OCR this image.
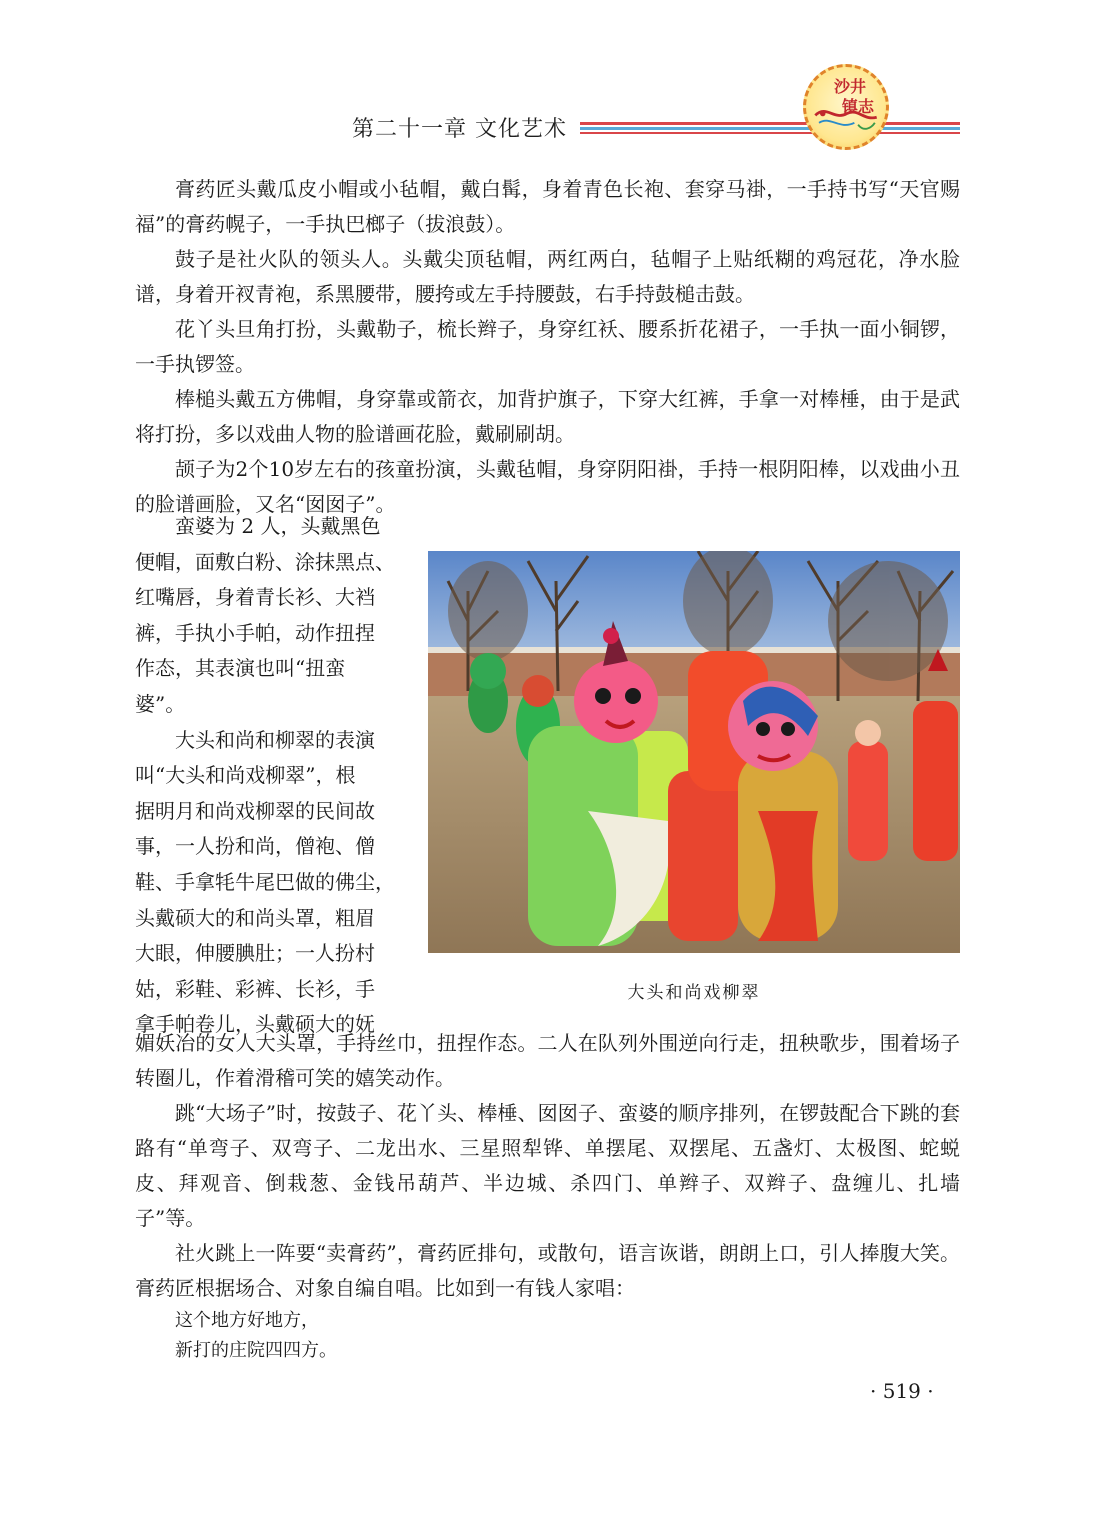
第二十一章 文化艺术
沙井
镇志

膏药匠头戴瓜皮小帽或小毡帽，戴白髯，身着青色长袍、套穿马褂，一手持书写“天官赐福”的膏药幌子，一手执巴榔子（拔浪鼓）。

鼓子是社火队的领头人。头戴尖顶毡帽，两红两白，毡帽子上贴纸糊的鸡冠花，净水脸谱，身着开衩青袍，系黑腰带，腰挎或左手持腰鼓，右手持鼓槌击鼓。

花丫头旦角打扮，头戴勒子，梳长辫子，身穿红袄、腰系折花裙子，一手执一面小铜锣，一手执锣签。

棒槌头戴五方佛帽，身穿靠或箭衣，加背护旗子，下穿大红裤，手拿一对棒棰，由于是武将打扮，多以戏曲人物的脸谱画花脸，戴刷刷胡。

颉子为2个10岁左右的孩童扮演，头戴毡帽，身穿阴阳褂，手持一根阴阳棒，以戏曲小丑的脸谱画脸，又名“囡囡子”。

　　蛮婆为 2 人，头戴黑色
便帽，面敷白粉、涂抹黑点、
红嘴唇，身着青长衫、大裆
裤，手执小手帕，动作扭捏
作态，其表演也叫“扭蛮
婆”。
　　大头和尚和柳翠的表演
叫“大头和尚戏柳翠”，根
据明月和尚戏柳翠的民间故
事，一人扮和尚，僧袍、僧
鞋、手拿牦牛尾巴做的佛尘，
头戴硕大的和尚头罩，粗眉
大眼，伸腰腆肚；一人扮村
姑，彩鞋、彩裤、长衫，手
拿手帕卷儿，头戴硕大的妩
大头和尚戏柳翠

媚妖冶的女人大头罩，手持丝巾，扭捏作态。二人在队列外围逆向行走，扭秧歌步，围着场子转圈儿，作着滑稽可笑的嬉笑动作。

跳“大场子”时，按鼓子、花丫头、棒棰、囡囡子、蛮婆的顺序排列，在锣鼓配合下跳的套路有“单弯子、双弯子、二龙出水、三星照犁铧、单摆尾、双摆尾、五盏灯、太极图、蛇蜕皮、拜观音、倒栽葱、金钱吊葫芦、半边城、杀四门、单辫子、双辫子、盘缠儿、扎墙子”等。

社火跳上一阵要“卖膏药”，膏药匠排句，或散句，语言诙谐，朗朗上口，引人捧腹大笑。膏药匠根据场合、对象自编自唱。比如到一有钱人家唱：

这个地方好地方，
新打的庄院四四方。
· 519 ·
